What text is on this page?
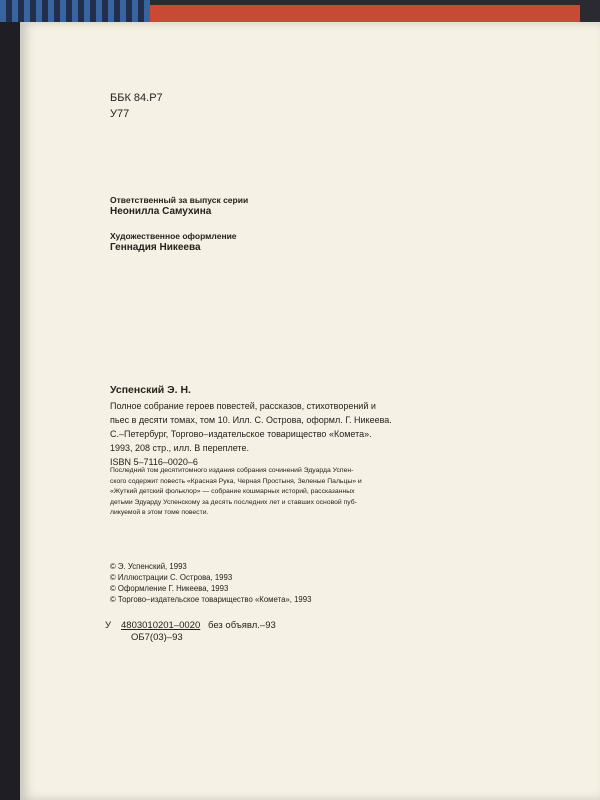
ББК 84.Р7
У77
Ответственный за выпуск серии
Неонилла Самухина
Художественное оформление
Геннадия Никеева
Успенский Э. Н.
Полное собрание героев повестей, рассказов, стихотворений и
пьес в десяти томах, том 10. Илл. С. Острова, оформл. Г. Никеева.
С.–Петербург, Торгово–издательское товарищество «Комета».
1993, 208 стр., илл. В переплете.
ISBN 5–7116–0020–6
Последний том десятитомного издания собрания сочинений Эдуарда Успен-
ского содержит повесть «Красная Рука, Черная Простыня, Зеленые Пальцы» и
«Жуткий детский фольклор» — собрание кошмарных историй, рассказанных
детьми Эдуарду Успенскому за десять последних лет и ставших основой пуб-
ликуемой в этом томе повести.
© Э. Успенский, 1993
© Иллюстрации С. Острова, 1993
© Оформление Г. Никеева, 1993
© Торгово–издательское товарищество «Комета», 1993
У 4803010201–0020 без объявл.–93
ОБ7(03)–93
